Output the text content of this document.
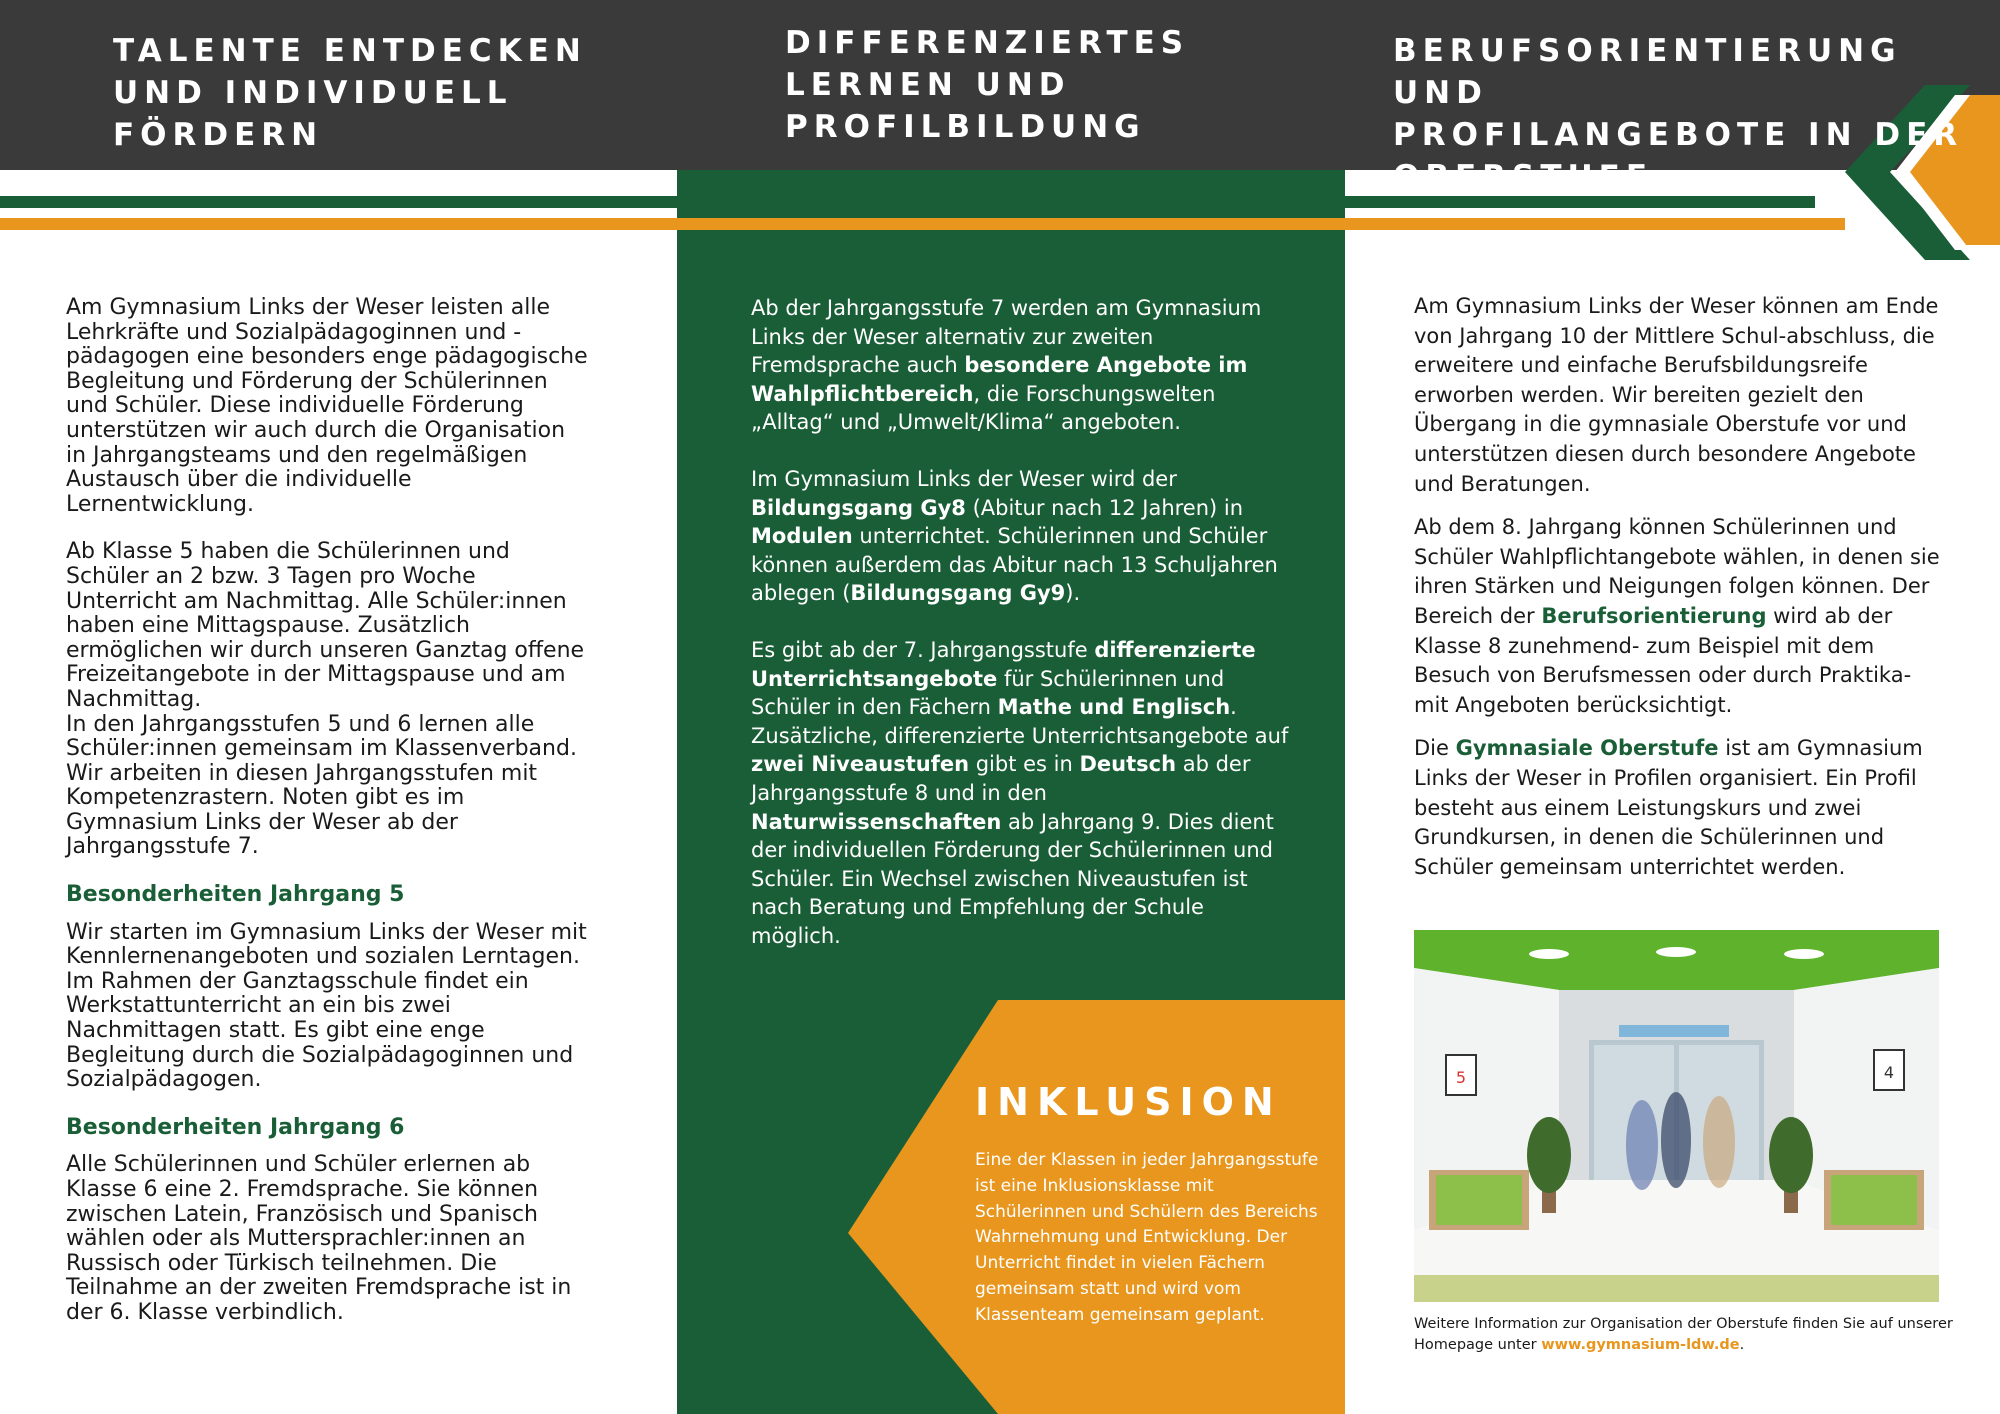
TALENTE ENTDECKEN
UND INDIVIDUELL
FÖRDERN
DIFFERENZIERTES
LERNEN UND
PROFILBILDUNG
BERUFSORIENTIERUNG UND
PROFILANGEBOTE IN DER
OBERSTUFE

Am Gymnasium Links der Weser leisten alle Lehrkräfte und Sozialpädagoginnen und -pädagogen eine besonders enge pädagogische Begleitung und Förderung der Schülerinnen und Schüler. Diese individuelle Förderung unterstützen wir auch durch die Organisation in Jahrgangsteams und den regelmäßigen Austausch über die individuelle Lernentwicklung.

Ab Klasse 5 haben die Schülerinnen und Schüler an 2 bzw. 3 Tagen pro Woche Unterricht am Nachmittag. Alle Schüler:innen haben eine Mittagspause. Zusätzlich ermöglichen wir durch unseren Ganztag offene Freizeitangebote in der Mittagspause und am Nachmittag.
In den Jahrgangsstufen 5 und 6 lernen alle Schüler:innen gemeinsam im Klassenverband. Wir arbeiten in diesen Jahrgangsstufen mit Kompetenzrastern. Noten gibt es im Gymnasium Links der Weser ab der Jahrgangsstufe 7.

Besonderheiten Jahrgang 5

Wir starten im Gymnasium Links der Weser mit Kennlernenangeboten und sozialen Lerntagen. Im Rahmen der Ganztagsschule findet ein Werkstattunterricht an ein bis zwei Nachmittagen statt. Es gibt eine enge Begleitung durch die Sozialpädagoginnen und Sozialpädagogen.

Besonderheiten Jahrgang 6

Alle Schülerinnen und Schüler erlernen ab Klasse 6 eine 2. Fremdsprache. Sie können zwischen Latein, Französisch und Spanisch wählen oder als Muttersprachler:innen an Russisch oder Türkisch teilnehmen. Die Teilnahme an der zweiten Fremdsprache ist in der 6. Klasse verbindlich.

Ab der Jahrgangsstufe 7 werden am Gymnasium Links der Weser alternativ zur zweiten Fremdsprache auch besondere Angebote im Wahlpflichtbereich, die Forschungswelten „Alltag“ und „Umwelt/Klima“ angeboten.

Im Gymnasium Links der Weser wird der Bildungsgang Gy8 (Abitur nach 12 Jahren) in Modulen unterrichtet. Schülerinnen und Schüler können außerdem das Abitur nach 13 Schuljahren ablegen (Bildungsgang Gy9).

Es gibt ab der 7. Jahrgangsstufe differenzierte Unterrichtsangebote für Schülerinnen und Schüler in den Fächern Mathe und Englisch. Zusätzliche, differenzierte Unterrichtsangebote auf zwei Niveaustufen gibt es in Deutsch ab der Jahrgangsstufe 8 und in den Naturwissenschaften ab Jahrgang 9. Dies dient der individuellen Förderung der Schülerinnen und Schüler. Ein Wechsel zwischen Niveaustufen ist nach Beratung und Empfehlung der Schule möglich.

INKLUSION

Eine der Klassen in jeder Jahrgangsstufe ist eine Inklusionsklasse mit Schülerinnen und Schülern des Bereichs Wahrnehmung und Entwicklung. Der Unterricht findet in vielen Fächern gemeinsam statt und wird vom Klassenteam gemeinsam geplant.

Am Gymnasium Links der Weser können am Ende von Jahrgang 10 der Mittlere Schul-abschluss, die erweitere und einfache Berufsbildungsreife erworben werden. Wir bereiten gezielt den Übergang in die gymnasiale Oberstufe vor und unterstützen diesen durch besondere Angebote und Beratungen.

Ab dem 8. Jahrgang können Schülerinnen und Schüler Wahlpflichtangebote wählen, in denen sie ihren Stärken und Neigungen folgen können. Der Bereich der Berufsorientierung wird ab der Klasse 8 zunehmend- zum Beispiel mit dem Besuch von Berufsmessen oder durch Praktika- mit Angeboten berücksichtigt.

Die Gymnasiale Oberstufe ist am Gymnasium Links der Weser in Profilen organisiert. Ein Profil besteht aus einem Leistungskurs und zwei Grundkursen, in denen die Schülerinnen und Schüler gemeinsam unterrichtet werden.

5	4

Weitere Information zur Organisation der Oberstufe finden Sie auf unserer Homepage unter www.gymnasium-ldw.de.
